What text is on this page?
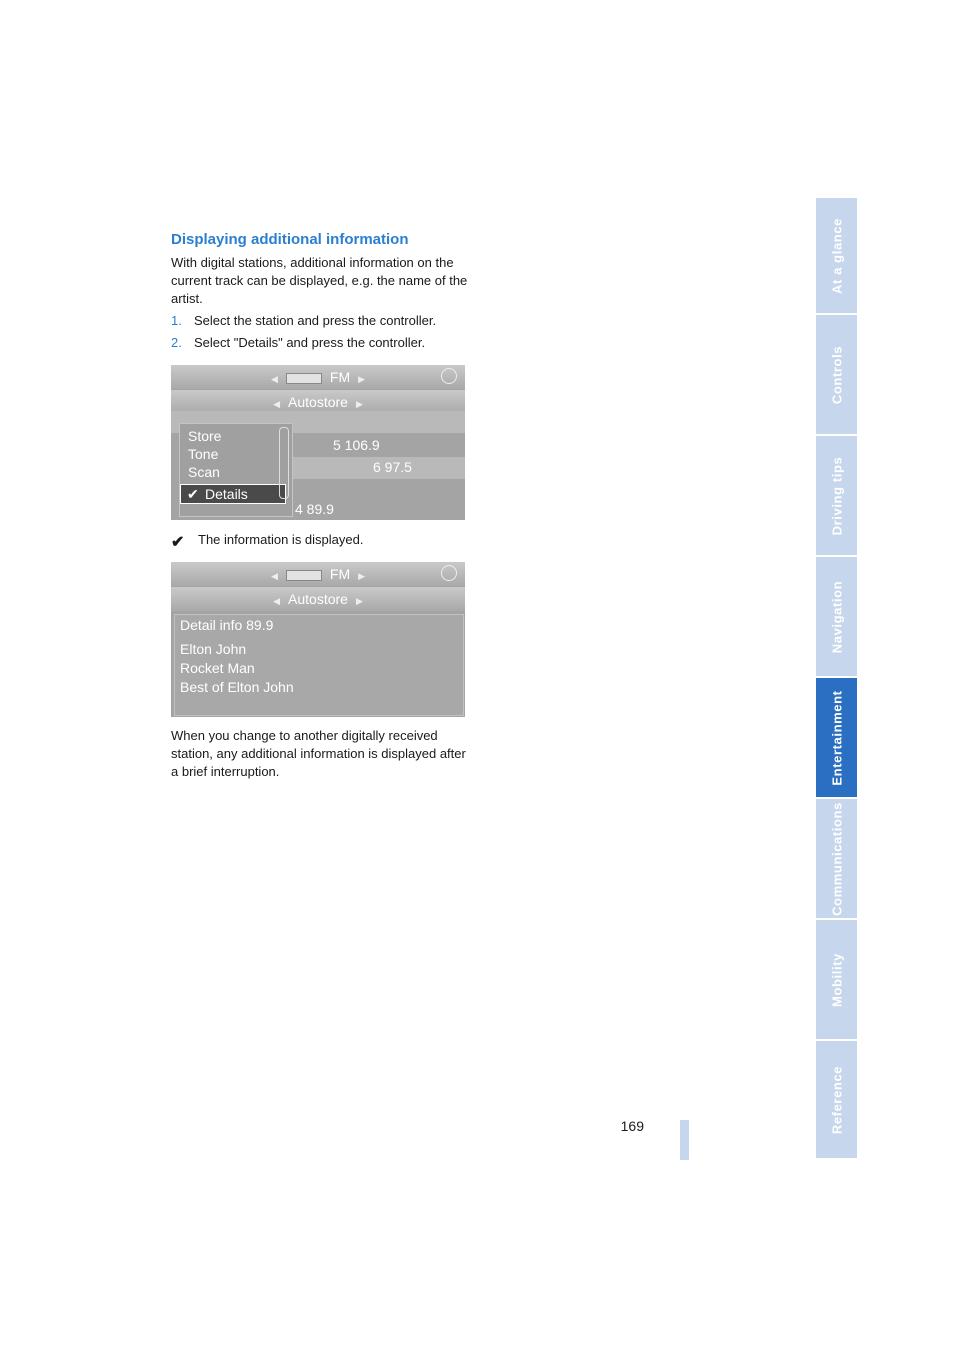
At a glance
Controls
Driving tips
Navigation
Entertainment
Communications
Mobility
Reference
Displaying additional information
With digital stations, additional information on the current track can be displayed, e.g. the name of the artist.
1. Select the station and press the controller.
2. Select "Details" and press the controller.
◀	FM ▶
◀ Autostore ▶
5 106.9
6 97.5
4 89.9
Store
Tone
Scan
✔ Details
✔ The information is displayed.
◀	FM ▶
◀ Autostore ▶
Detail info 89.9
Elton John
Rocket Man
Best of Elton John
When you change to another digitally received station, any additional information is displayed after a brief interruption.
169
